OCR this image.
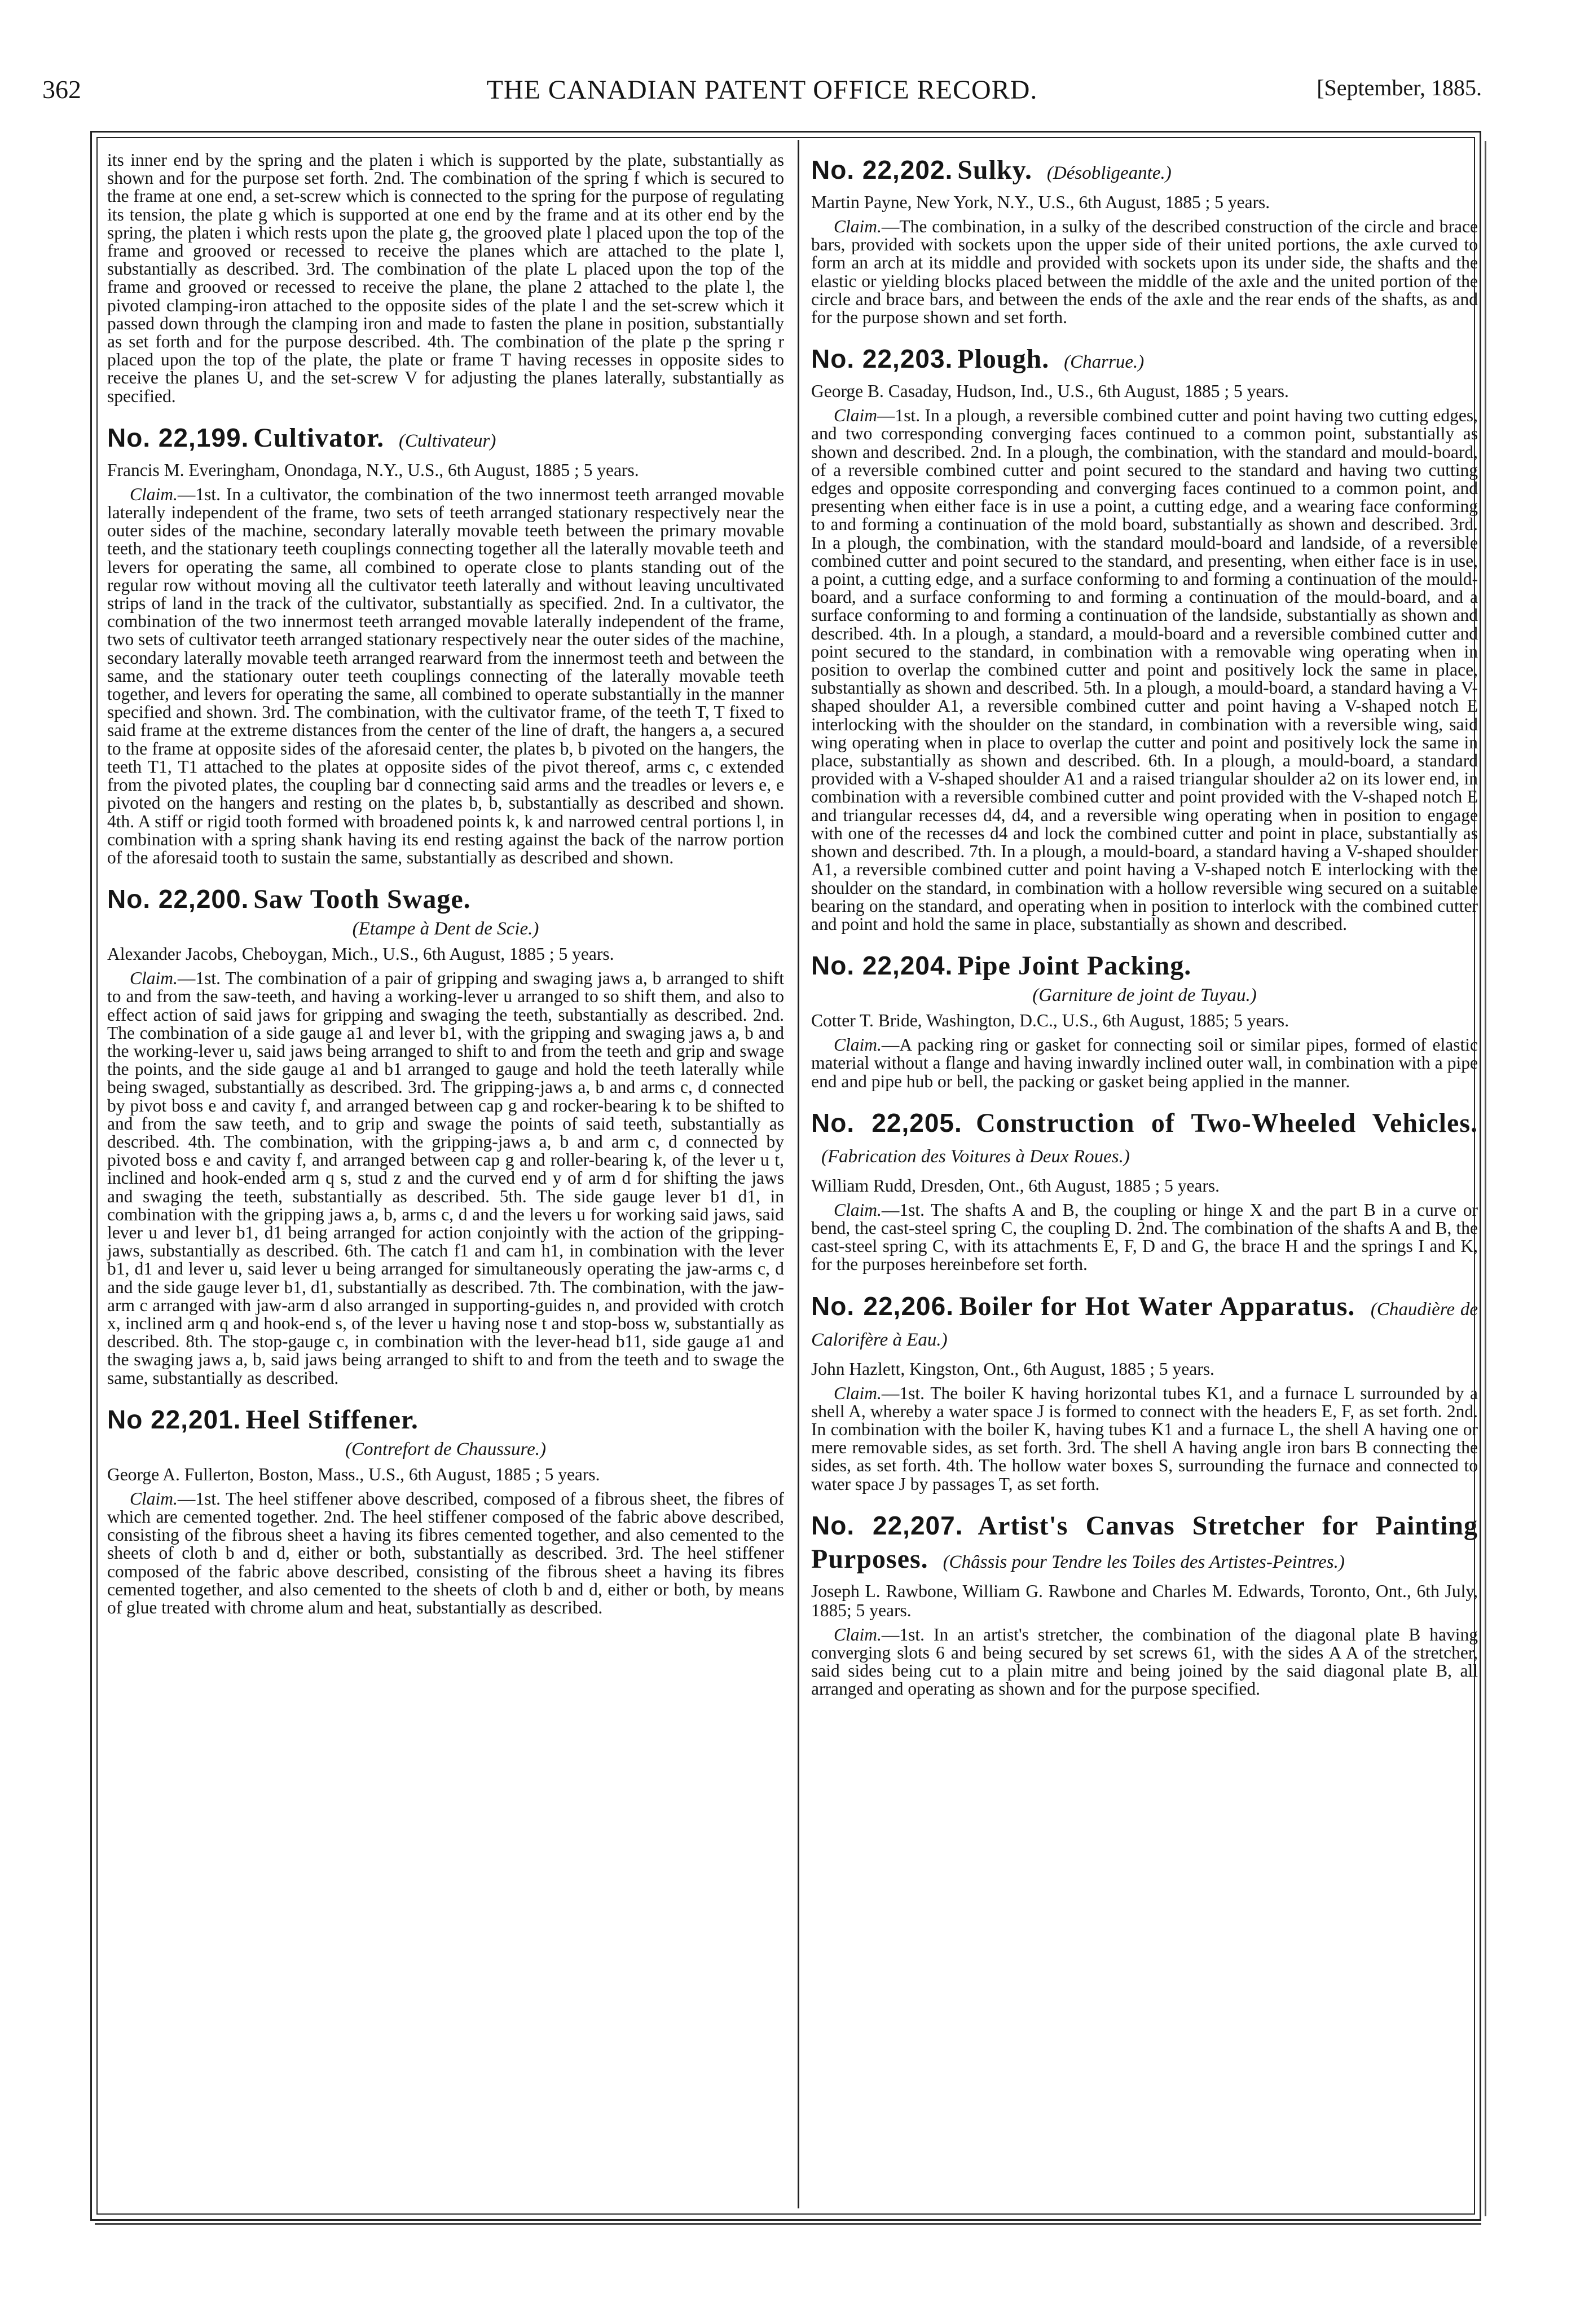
362	THE CANADIAN PATENT OFFICE RECORD.	[September, 1885.

its inner end by the spring and the platen i which is supported by the plate, substantially as shown and for the purpose set forth. 2nd. The combination of the spring f which is secured to the frame at one end, a set-screw which is connected to the spring for the purpose of regulating its tension, the plate g which is supported at one end by the frame and at its other end by the spring, the platen i which rests upon the plate g, the grooved plate l placed upon the top of the frame and grooved or recessed to receive the planes which are attached to the plate l, substantially as described. 3rd. The combination of the plate L placed upon the top of the frame and grooved or recessed to receive the plane, the plane 2 attached to the plate l, the pivoted clamping-iron attached to the opposite sides of the plate l and the set-screw which it passed down through the clamping iron and made to fasten the plane in position, substantially as set forth and for the purpose described. 4th. The combination of the plate p the spring r placed upon the top of the plate, the plate or frame T having recesses in opposite sides to receive the planes U, and the set-screw V for adjusting the planes laterally, substantially as specified.

No. 22,199. Cultivator. (Cultivateur)
Francis M. Everingham, Onondaga, N.Y., U.S., 6th August, 1885 ; 5 years.
Claim.—1st. In a cultivator, the combination of the two innermost teeth arranged movable laterally independent of the frame, two sets of teeth arranged stationary respectively near the outer sides of the machine, secondary laterally movable teeth between the primary movable teeth, and the stationary teeth couplings connecting together all the laterally movable teeth and levers for operating the same, all combined to operate close to plants standing out of the regular row without moving all the cultivator teeth laterally and without leaving uncultivated strips of land in the track of the cultivator, substantially as specified. 2nd. In a cultivator, the combination of the two innermost teeth arranged movable laterally independent of the frame, two sets of cultivator teeth arranged stationary respectively near the outer sides of the machine, secondary laterally movable teeth arranged rearward from the innermost teeth and between the same, and the stationary outer teeth couplings connecting of the laterally movable teeth together, and levers for operating the same, all combined to operate substantially in the manner specified and shown. 3rd. The combination, with the cultivator frame, of the teeth T, T fixed to said frame at the extreme distances from the center of the line of draft, the hangers a, a secured to the frame at opposite sides of the aforesaid center, the plates b, b pivoted on the hangers, the teeth T1, T1 attached to the plates at opposite sides of the pivot thereof, arms c, c extended from the pivoted plates, the coupling bar d connecting said arms and the treadles or levers e, e pivoted on the hangers and resting on the plates b, b, substantially as described and shown. 4th. A stiff or rigid tooth formed with broadened points k, k and narrowed central portions l, in combination with a spring shank having its end resting against the back of the narrow portion of the aforesaid tooth to sustain the same, substantially as described and shown.
No. 22,200. Saw Tooth Swage.
(Etampe à Dent de Scie.)
Alexander Jacobs, Cheboygan, Mich., U.S., 6th August, 1885 ; 5 years.
Claim.—1st. The combination of a pair of gripping and swaging jaws a, b arranged to shift to and from the saw-teeth, and having a working-lever u arranged to so shift them, and also to effect action of said jaws for gripping and swaging the teeth, substantially as described. 2nd. The combination of a side gauge a1 and lever b1, with the gripping and swaging jaws a, b and the working-lever u, said jaws being arranged to shift to and from the teeth and grip and swage the points, and the side gauge a1 and b1 arranged to gauge and hold the teeth laterally while being swaged, substantially as described. 3rd. The gripping-jaws a, b and arms c, d connected by pivot boss e and cavity f, and arranged between cap g and rocker-bearing k to be shifted to and from the saw teeth, and to grip and swage the points of said teeth, substantially as described. 4th. The combination, with the gripping-jaws a, b and arm c, d connected by pivoted boss e and cavity f, and arranged between cap g and roller-bearing k, of the lever u t, inclined and hook-ended arm q s, stud z and the curved end y of arm d for shifting the jaws and swaging the teeth, substantially as described. 5th. The side gauge lever b1 d1, in combination with the gripping jaws a, b, arms c, d and the levers u for working said jaws, said lever u and lever b1, d1 being arranged for action conjointly with the action of the gripping-jaws, substantially as described. 6th. The catch f1 and cam h1, in combination with the lever b1, d1 and lever u, said lever u being arranged for simultaneously operating the jaw-arms c, d and the side gauge lever b1, d1, substantially as described. 7th. The combination, with the jaw-arm c arranged with jaw-arm d also arranged in supporting-guides n, and provided with crotch x, inclined arm q and hook-end s, of the lever u having nose t and stop-boss w, substantially as described. 8th. The stop-gauge c, in combination with the lever-head b11, side gauge a1 and the swaging jaws a, b, said jaws being arranged to shift to and from the teeth and to swage the same, substantially as described.
No 22,201. Heel Stiffener.
(Contrefort de Chaussure.)
George A. Fullerton, Boston, Mass., U.S., 6th August, 1885 ; 5 years.
Claim.—1st. The heel stiffener above described, composed of a fibrous sheet, the fibres of which are cemented together. 2nd. The heel stiffener composed of the fabric above described, consisting of the fibrous sheet a having its fibres cemented together, and also cemented to the sheets of cloth b and d, either or both, substantially as described. 3rd. The heel stiffener composed of the fabric above described, consisting of the fibrous sheet a having its fibres cemented together, and also cemented to the sheets of cloth b and d, either or both, by means of glue treated with chrome alum and heat, substantially as described.
No. 22,202. Sulky. (Désobligeante.)
Martin Payne, New York, N.Y., U.S., 6th August, 1885 ; 5 years.
Claim.—The combination, in a sulky of the described construction of the circle and brace bars, provided with sockets upon the upper side of their united portions, the axle curved to form an arch at its middle and provided with sockets upon its under side, the shafts and the elastic or yielding blocks placed between the middle of the axle and the united portion of the circle and brace bars, and between the ends of the axle and the rear ends of the shafts, as and for the purpose shown and set forth.
No. 22,203. Plough. (Charrue.)
George B. Casaday, Hudson, Ind., U.S., 6th August, 1885 ; 5 years.
Claim—1st. In a plough, a reversible combined cutter and point having two cutting edges, and two corresponding converging faces continued to a common point, substantially as shown and described. 2nd. In a plough, the combination, with the standard and mould-board, of a reversible combined cutter and point secured to the standard and having two cutting edges and opposite corresponding and converging faces continued to a common point, and presenting when either face is in use a point, a cutting edge, and a wearing face conforming to and forming a continuation of the mold board, substantially as shown and described. 3rd. In a plough, the combination, with the standard mould-board and landside, of a reversible combined cutter and point secured to the standard, and presenting, when either face is in use, a point, a cutting edge, and a surface conforming to and forming a continuation of the mould-board, and a surface conforming to and forming a continuation of the mould-board, and a surface conforming to and forming a continuation of the landside, substantially as shown and described. 4th. In a plough, a standard, a mould-board and a reversible combined cutter and point secured to the standard, in combination with a removable wing operating when in position to overlap the combined cutter and point and positively lock the same in place, substantially as shown and described. 5th. In a plough, a mould-board, a standard having a V-shaped shoulder A1, a reversible combined cutter and point having a V-shaped notch E interlocking with the shoulder on the standard, in combination with a reversible wing, said wing operating when in place to overlap the cutter and point and positively lock the same in place, substantially as shown and described. 6th. In a plough, a mould-board, a standard provided with a V-shaped shoulder A1 and a raised triangular shoulder a2 on its lower end, in combination with a reversible combined cutter and point provided with the V-shaped notch E and triangular recesses d4, d4, and a reversible wing operating when in position to engage with one of the recesses d4 and lock the combined cutter and point in place, substantially as shown and described. 7th. In a plough, a mould-board, a standard having a V-shaped shoulder A1, a reversible combined cutter and point having a V-shaped notch E interlocking with the shoulder on the standard, in combination with a hollow reversible wing secured on a suitable bearing on the standard, and operating when in position to interlock with the combined cutter and point and hold the same in place, substantially as shown and described.
No. 22,204. Pipe Joint Packing.
(Garniture de joint de Tuyau.)
Cotter T. Bride, Washington, D.C., U.S., 6th August, 1885; 5 years.
Claim.—A packing ring or gasket for connecting soil or similar pipes, formed of elastic material without a flange and having inwardly inclined outer wall, in combination with a pipe end and pipe hub or bell, the packing or gasket being applied in the manner.
No. 22,205. Construction of Two-Wheeled Vehicles. (Fabrication des Voitures à Deux Roues.)
William Rudd, Dresden, Ont., 6th August, 1885 ; 5 years.
Claim.—1st. The shafts A and B, the coupling or hinge X and the part B in a curve or bend, the cast-steel spring C, the coupling D. 2nd. The combination of the shafts A and B, the cast-steel spring C, with its attachments E, F, D and G, the brace H and the springs I and K, for the purposes hereinbefore set forth.
No. 22,206. Boiler for Hot Water Apparatus. (Chaudière de Calorifère à Eau.)
John Hazlett, Kingston, Ont., 6th August, 1885 ; 5 years.
Claim.—1st. The boiler K having horizontal tubes K1, and a furnace L surrounded by a shell A, whereby a water space J is formed to connect with the headers E, F, as set forth. 2nd. In combination with the boiler K, having tubes K1 and a furnace L, the shell A having one or mere removable sides, as set forth. 3rd. The shell A having angle iron bars B connecting the sides, as set forth. 4th. The hollow water boxes S, surrounding the furnace and connected to water space J by passages T, as set forth.
No. 22,207. Artist's Canvas Stretcher for Painting Purposes. (Châssis pour Tendre les Toiles des Artistes-Peintres.)
Joseph L. Rawbone, William G. Rawbone and Charles M. Edwards, Toronto, Ont., 6th July, 1885; 5 years.
Claim.—1st. In an artist's stretcher, the combination of the diagonal plate B having converging slots 6 and being secured by set screws 61, with the sides A A of the stretcher, said sides being cut to a plain mitre and being joined by the said diagonal plate B, all arranged and operating as shown and for the purpose specified.
